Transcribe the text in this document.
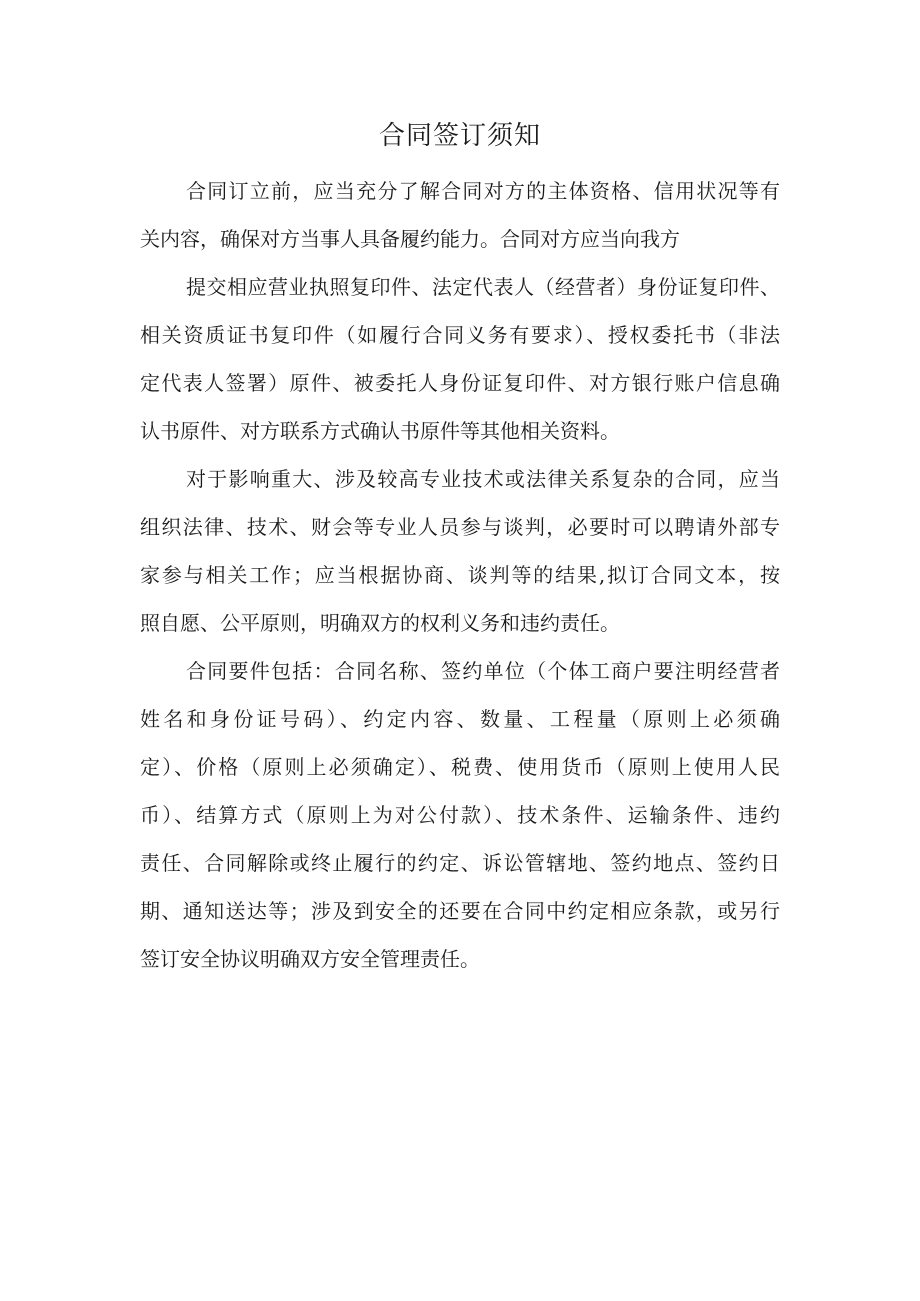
合同签订须知
合同订立前，应当充分了解合同对方的主体资格、信用状况等有
关内容，确保对方当事人具备履约能力。合同对方应当向我方
提交相应营业执照复印件、法定代表人（经营者）身份证复印件、
相关资质证书复印件（如履行合同义务有要求）、授权委托书（非法
定代表人签署）原件、被委托人身份证复印件、对方银行账户信息确
认书原件、对方联系方式确认书原件等其他相关资料。
对于影响重大、涉及较高专业技术或法律关系复杂的合同，应当
组织法律、技术、财会等专业人员参与谈判，必要时可以聘请外部专
家参与相关工作；应当根据协商、谈判等的结果,拟订合同文本，按
照自愿、公平原则，明确双方的权利义务和违约责任。
合同要件包括：合同名称、签约单位（个体工商户要注明经营者
姓名和身份证号码）、约定内容、数量、工程量（原则上必须确
定）、价格（原则上必须确定）、税费、使用货币（原则上使用人民
币）、结算方式（原则上为对公付款）、技术条件、运输条件、违约
责任、合同解除或终止履行的约定、诉讼管辖地、签约地点、签约日
期、通知送达等；涉及到安全的还要在合同中约定相应条款，或另行
签订安全协议明确双方安全管理责任。
